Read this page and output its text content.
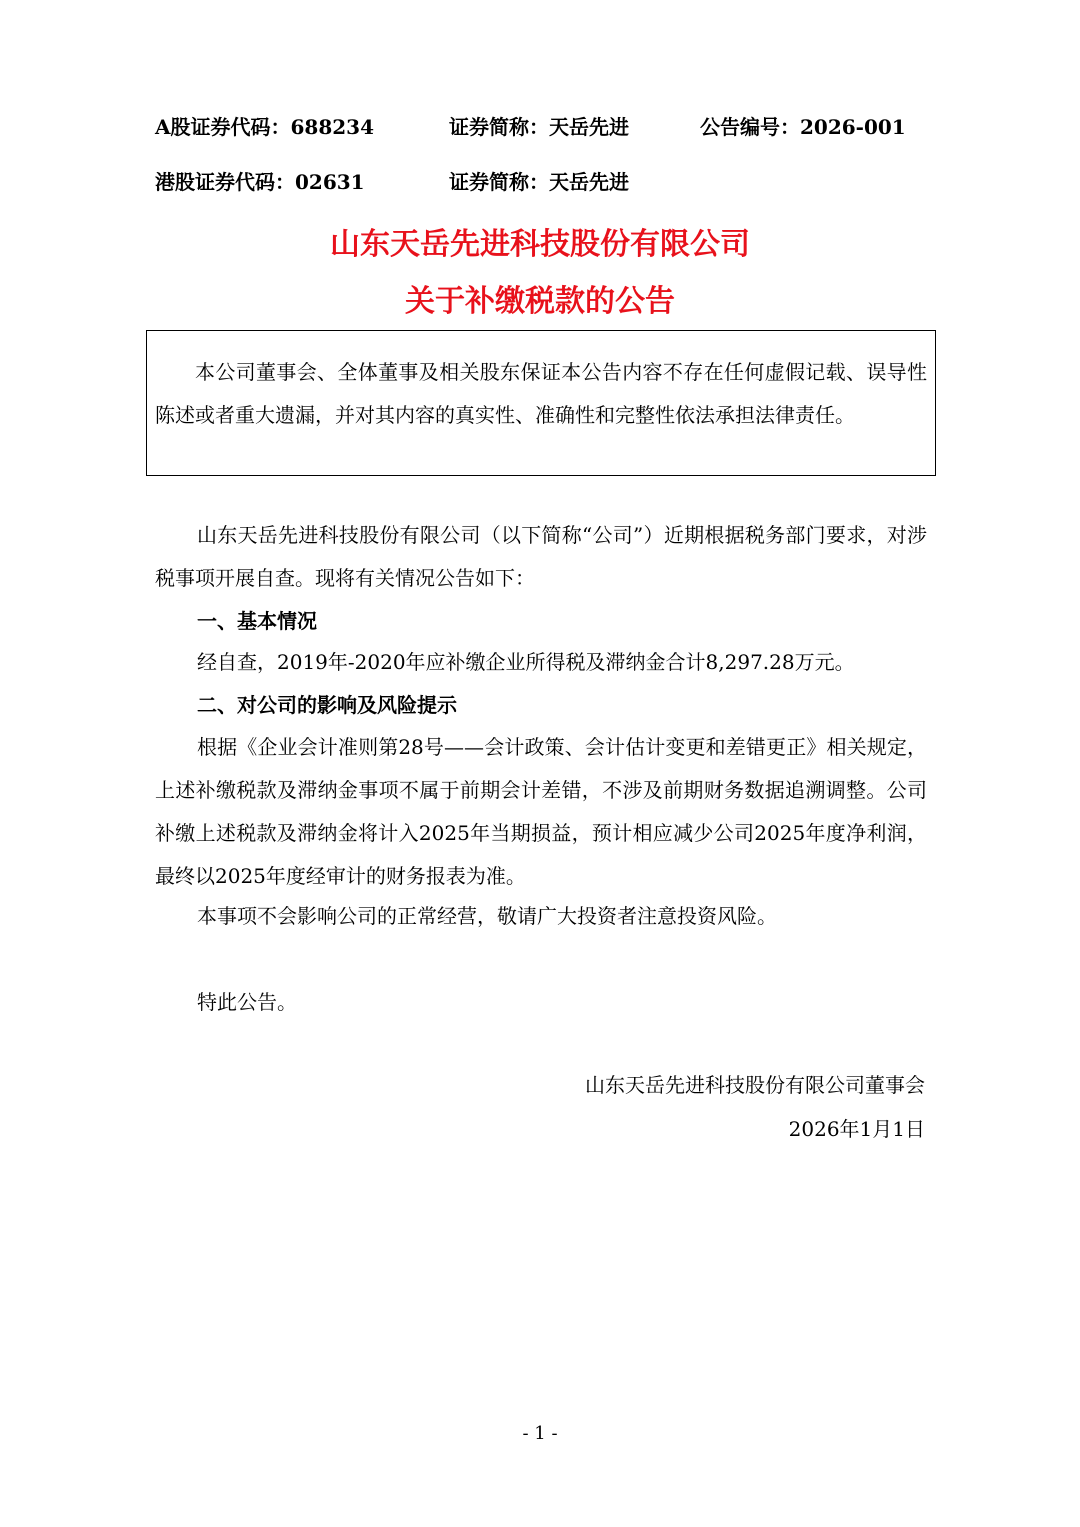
A股证券代码：688234	证券简称：天岳先进	公告编号：2026-001
港股证券代码：02631	证券简称：天岳先进
山东天岳先进科技股份有限公司
关于补缴税款的公告

本公司董事会、全体董事及相关股东保证本公告内容不存在任何虚假记载、误导性陈述或者重大遗漏，并对其内容的真实性、准确性和完整性依法承担法律责任。

山东天岳先进科技股份有限公司（以下简称“公司”）近期根据税务部门要求，对涉税事项开展自查。现将有关情况公告如下：

一、基本情况

经自查，2019年-2020年应补缴企业所得税及滞纳金合计8,297.28万元。

二、对公司的影响及风险提示

根据《企业会计准则第28号——会计政策、会计估计变更和差错更正》相关规定，上述补缴税款及滞纳金事项不属于前期会计差错，不涉及前期财务数据追溯调整。公司补缴上述税款及滞纳金将计入2025年当期损益，预计相应减少公司2025年度净利润，最终以2025年度经审计的财务报表为准。

本事项不会影响公司的正常经营，敬请广大投资者注意投资风险。

特此公告。

山东天岳先进科技股份有限公司董事会
2026年1月1日
- 1 -
